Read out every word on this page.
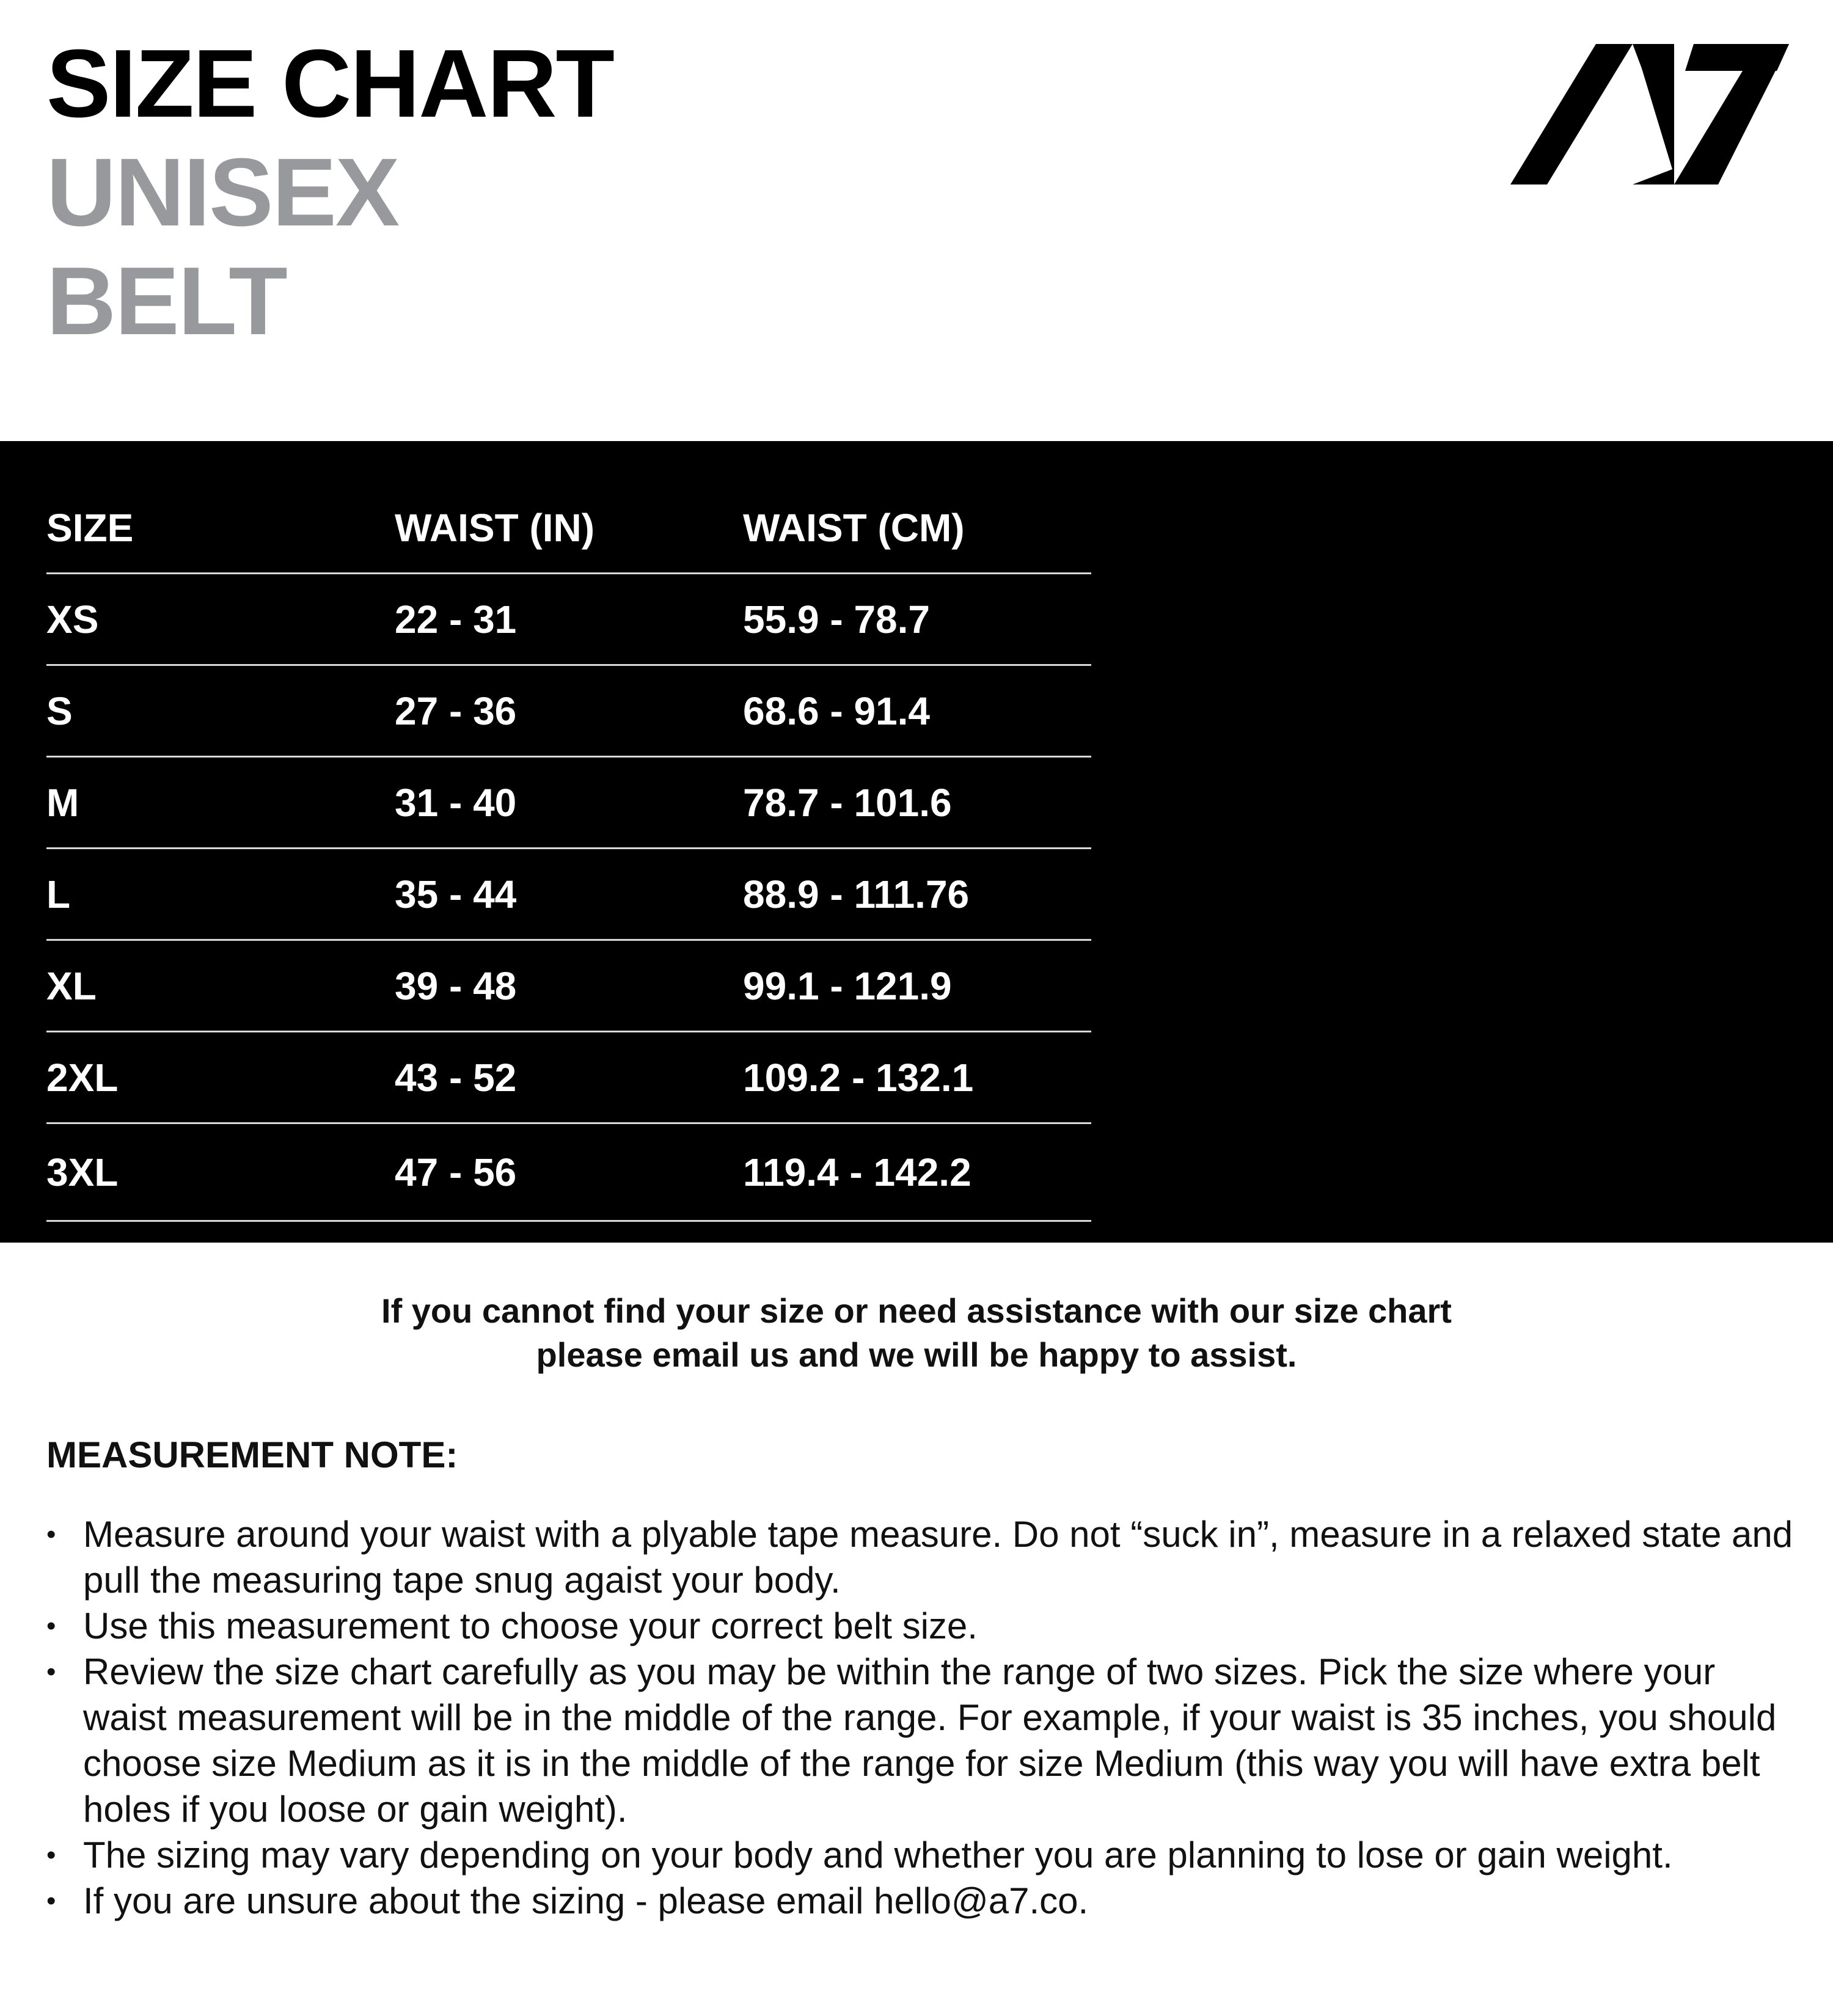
SIZE CHART
UNISEX
BELT
SIZE	WAIST (IN)	WAIST (CM)
XS	22 - 31	55.9 - 78.7
S	27 - 36	68.6 - 91.4
M	31 - 40	78.7 - 101.6
L	35 - 44	88.9 - 111.76
XL	39 - 48	99.1 - 121.9
2XL	43 - 52	109.2 - 132.1
3XL	47 - 56	119.4 - 142.2
If you cannot find your size or need assistance with our size chart
please email us and we will be happy to assist.
MEASUREMENT NOTE:
• Measure around your waist with a plyable tape measure. Do not “suck in”, measure in a relaxed state and pull the measuring tape snug agaist your body.
• Use this measurement to choose your correct belt size.
• Review the size chart carefully as you may be within the range of two sizes. Pick the size where your waist measurement will be in the middle of the range. For example, if your waist is 35 inches, you should choose size Medium as it is in the middle of the range for size Medium (this way you will have extra belt holes if you loose or gain weight).
• The sizing may vary depending on your body and whether you are planning to lose or gain weight.
• If you are unsure about the sizing - please email hello@a7.co.
